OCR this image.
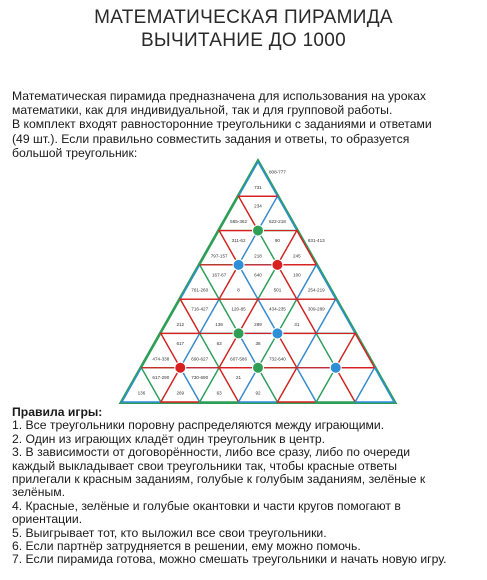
МАТЕМАТИЧЕСКАЯ ПИРАМИДА
ВЫЧИТАНИЕ ДО 1000
Математическая пирамида предназначена для использования на уроках
математики, как для индивидуальной, так и для групповой работы.
В комплект входят равносторонние треугольники с заданиями и ответами
(49 шт.). Если правильно совместить задания и ответы, то образуется
большой треугольник:
731
808-777
565-362
234
622-218
797-157
311-62
218
90
245
631-413
761-260
167-67
8
640
501
100
254-219
212
716-427
136
120-85
289
434-235
31
309-289
474-338
617
690-627
63
607-586
36
732-640
136
617-290
269
730-690
63
21
92
Правила игры:
1. Все треугольники поровну распределяются между играющими.
2. Один из играющих кладёт один треугольник в центр.
3. В зависимости от договорённости, либо все сразу, либо по очереди
каждый выкладывает свои треугольники так, чтобы красные ответы
прилегали к красным заданиям, голубые к голубым заданиям, зелёные к
зелёным.
4. Красные, зелёные и голубые окантовки и части кругов помогают в
ориентации.
5. Выигрывает тот, кто выложил все свои треугольники.
6. Если партнёр затрудняется в решении, ему можно помочь.
7. Если пирамида готова, можно смешать треугольники и начать новую игру.
